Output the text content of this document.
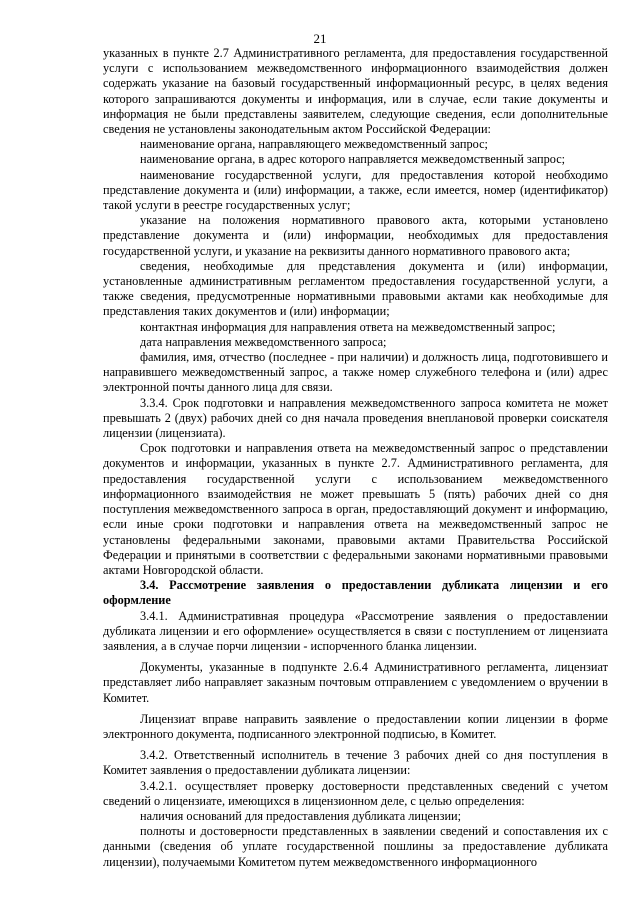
21

указанных в пункте 2.7 Административного регламента, для предоставления государственной услуги с использованием межведомственного информационного взаимодействия должен содержать указание на базовый государственный информационный ресурс, в целях ведения которого запрашиваются документы и информация, или в случае, если такие документы и информация не были представлены заявителем, следующие сведения, если дополнительные сведения не установлены законодательным актом Российской Федерации:

наименование органа, направляющего межведомственный запрос;

наименование органа, в адрес которого направляется межведомственный запрос;

наименование государственной услуги, для предоставления которой необходимо представление документа и (или) информации, а также, если имеется, номер (идентификатор) такой услуги в реестре государственных услуг;

указание на положения нормативного правового акта, которыми установлено представление документа и (или) информации, необходимых для предоставления государственной услуги, и указание на реквизиты данного нормативного правового акта;

сведения, необходимые для представления документа и (или) информации, установленные административным регламентом предоставления государственной услуги, а также сведения, предусмотренные нормативными правовыми актами как необходимые для представления таких документов и (или) информации;

контактная информация для направления ответа на межведомственный запрос;

дата направления межведомственного запроса;

фамилия, имя, отчество (последнее - при наличии) и должность лица, подготовившего и направившего межведомственный запрос, а также номер служебного телефона и (или) адрес электронной почты данного лица для связи.

3.3.4. Срок подготовки и направления межведомственного запроса комитета не может превышать 2 (двух) рабочих дней со дня начала проведения внеплановой проверки соискателя лицензии (лицензиата).

Срок подготовки и направления ответа на межведомственный запрос о представлении документов и информации, указанных в пункте 2.7. Административного регламента, для предоставления государственной услуги с использованием межведомственного информационного взаимодействия не может превышать 5 (пять) рабочих дней со дня поступления межведомственного запроса в орган, предоставляющий документ и информацию, если иные сроки подготовки и направления ответа на межведомственный запрос не установлены федеральными законами, правовыми актами Правительства Российской Федерации и принятыми в соответствии с федеральными законами нормативными правовыми актами Новгородской области.

3.4. Рассмотрение заявления о предоставлении дубликата лицензии и его оформление

3.4.1. Административная процедура «Рассмотрение заявления о предоставлении дубликата лицензии и его оформление» осуществляется в связи с поступлением от лицензиата заявления, а в случае порчи лицензии - испорченного бланка лицензии.

Документы, указанные в подпункте 2.6.4 Административного регламента, лицензиат представляет либо направляет заказным почтовым отправлением с уведомлением о вручении в Комитет.

Лицензиат вправе направить заявление о предоставлении копии лицензии в форме электронного документа, подписанного электронной подписью, в Комитет.

3.4.2. Ответственный исполнитель в течение 3 рабочих дней со дня поступления в Комитет заявления о предоставлении дубликата лицензии:

3.4.2.1. осуществляет проверку достоверности представленных сведений с учетом сведений о лицензиате, имеющихся в лицензионном деле, с целью определения:

наличия оснований для предоставления дубликата лицензии;

полноты и достоверности представленных в заявлении сведений и сопоставления их с данными (сведения об уплате государственной пошлины за предоставление дубликата лицензии), получаемыми Комитетом путем межведомственного информационного
